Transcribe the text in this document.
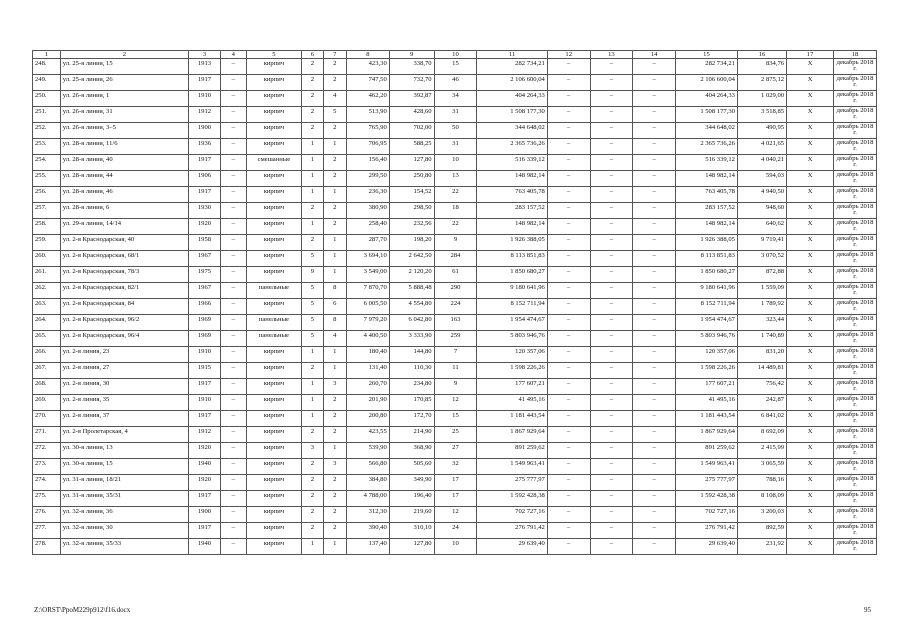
1	2	3	4	5	6	7	8	9	10	11	12	13	14	15	16	17	18
248.	ул. 25-я линия, 15	1913	–	кирпич	2	2	423,30	338,70	15	282 734,21	–	–	–	282 734,21	834,76	X	декабрь 2018 г.
249.	ул. 25-я линия, 26	1917	–	кирпич	2	2	747,50	732,70	46	2 106 600,04	–	–	–	2 106 600,04	2 875,12	X	декабрь 2018 г.
250.	ул. 26-я линия, 1	1910	–	кирпич	2	4	462,20	392,87	34	404 264,33	–	–	–	404 264,33	1 029,00	X	декабрь 2018 г.
251.	ул. 26-я линия, 31	1912	–	кирпич	2	5	513,90	428,60	31	1 508 177,30	–	–	–	1 508 177,30	3 518,85	X	декабрь 2018 г.
252.	ул. 26-я линия, 3–5	1900	–	кирпич	2	2	765,90	702,00	50	344 648,02	–	–	–	344 648,02	490,95	X	декабрь 2018 г.
253.	ул. 28-я линия, 11/6	1936	–	кирпич	1	1	706,95	588,25	31	2 365 736,26	–	–	–	2 365 736,26	4 021,65	X	декабрь 2018 г.
254.	ул. 28-я линия, 40	1917	–	смешанные	1	2	156,40	127,80	10	516 339,12	–	–	–	516 339,12	4 040,21	X	декабрь 2018 г.
255.	ул. 28-я линия, 44	1906	–	кирпич	1	2	299,50	250,80	13	148 982,14	–	–	–	148 982,14	594,03	X	декабрь 2018 г.
256.	ул. 28-я линия, 46	1917	–	кирпич	1	1	236,30	154,52	22	763 405,78	–	–	–	763 405,78	4 940,50	X	декабрь 2018 г.
257.	ул. 28-я линия, 6	1930	–	кирпич	2	2	380,90	298,50	18	283 157,52	–	–	–	283 157,52	948,60	X	декабрь 2018 г.
258.	ул. 29-я линия, 14/14	1920	–	кирпич	1	2	258,40	232,56	22	148 982,14	–	–	–	148 982,14	640,62	X	декабрь 2018 г.
259.	ул. 2-я Краснодарская, 40	1958	–	кирпич	2	1	287,70	198,20	9	1 926 388,05	–	–	–	1 926 388,05	9 719,41	X	декабрь 2018 г.
260.	ул. 2-я Краснодарская, 68/1	1967	–	кирпич	5	1	3 694,10	2 642,50	284	8 113 851,83	–	–	–	8 113 851,83	3 070,52	X	декабрь 2018 г.
261.	ул. 2-я Краснодарская, 78/3	1975	–	кирпич	9	1	3 549,00	2 120,20	61	1 850 680,27	–	–	–	1 850 680,27	872,88	X	декабрь 2018 г.
262.	ул. 2-я Краснодарская, 82/1	1967	–	панельные	5	8	7 870,70	5 888,48	290	9 180 641,96	–	–	–	9 180 641,96	1 559,09	X	декабрь 2018 г.
263.	ул. 2-я Краснодарская, 84	1966	–	кирпич	5	6	6 005,50	4 554,80	224	8 152 711,94	–	–	–	8 152 711,94	1 789,92	X	декабрь 2018 г.
264.	ул. 2-я Краснодарская, 96/2	1969	–	панельные	5	8	7 979,20	6 042,80	163	1 954 474,67	–	–	–	1 954 474,67	323,44	X	декабрь 2018 г.
265.	ул. 2-я Краснодарская, 96/4	1969	–	панельные	5	4	4 400,50	3 333,90	259	5 803 946,76	–	–	–	5 803 946,76	1 740,89	X	декабрь 2018 г.
266.	ул. 2-я линия, 23	1910	–	кирпич	1	1	180,40	144,80	7	120 357,06	–	–	–	120 357,06	831,20	X	декабрь 2018 г.
267.	ул. 2-я линия, 27	1915	–	кирпич	2	1	131,40	110,30	11	1 598 226,26	–	–	–	1 598 226,26	14 489,81	X	декабрь 2018 г.
268.	ул. 2-я линия, 30	1917	–	кирпич	1	3	260,70	234,80	9	177 607,21	–	–	–	177 607,21	756,42	X	декабрь 2018 г.
269.	ул. 2-я линия, 35	1910	–	кирпич	1	2	201,90	170,85	12	41 495,16	–	–	–	41 495,16	242,87	X	декабрь 2018 г.
270.	ул. 2-я линия, 37	1917	–	кирпич	1	2	200,80	172,70	15	1 181 443,54	–	–	–	1 181 443,54	6 841,02	X	декабрь 2018 г.
271.	ул. 2-я Пролетарская, 4	1912	–	кирпич	2	2	423,55	214,90	25	1 867 929,64	–	–	–	1 867 929,64	8 692,09	X	декабрь 2018 г.
272.	ул. 30-я линия, 13	1920	–	кирпич	3	1	539,90	368,90	27	891 259,62	–	–	–	891 259,62	2 415,99	X	декабрь 2018 г.
273.	ул. 30-я линия, 15	1940	–	кирпич	2	3	566,80	505,60	32	1 549 963,41	–	–	–	1 549 963,41	3 065,59	X	декабрь 2018 г.
274.	ул. 31-я линия, 18/21	1920	–	кирпич	2	2	384,80	349,90	17	275 777,97	–	–	–	275 777,97	788,16	X	декабрь 2018 г.
275.	ул. 31-я линия, 35/31	1917	–	кирпич	2	2	4 788,00	196,40	17	1 592 428,38	–	–	–	1 592 428,38	8 108,09	X	декабрь 2018 г.
276.	ул. 32-я линия, 36	1900	–	кирпич	2	2	312,30	219,60	12	702 727,16	–	–	–	702 727,16	3 200,03	X	декабрь 2018 г.
277.	ул. 32-я линия, 30	1917	–	кирпич	2	2	390,40	310,10	24	276 791,42	–	–	–	276 791,42	892,59	X	декабрь 2018 г.
278.	ул. 32-я линия, 35/33	1940	–	кирпич	1	1	137,40	127,80	10	29 639,40	–	–	–	29 639,40	231,92	X	декабрь 2018 г.
Z:\ORST\PpoM229p912\f16.docx	95
